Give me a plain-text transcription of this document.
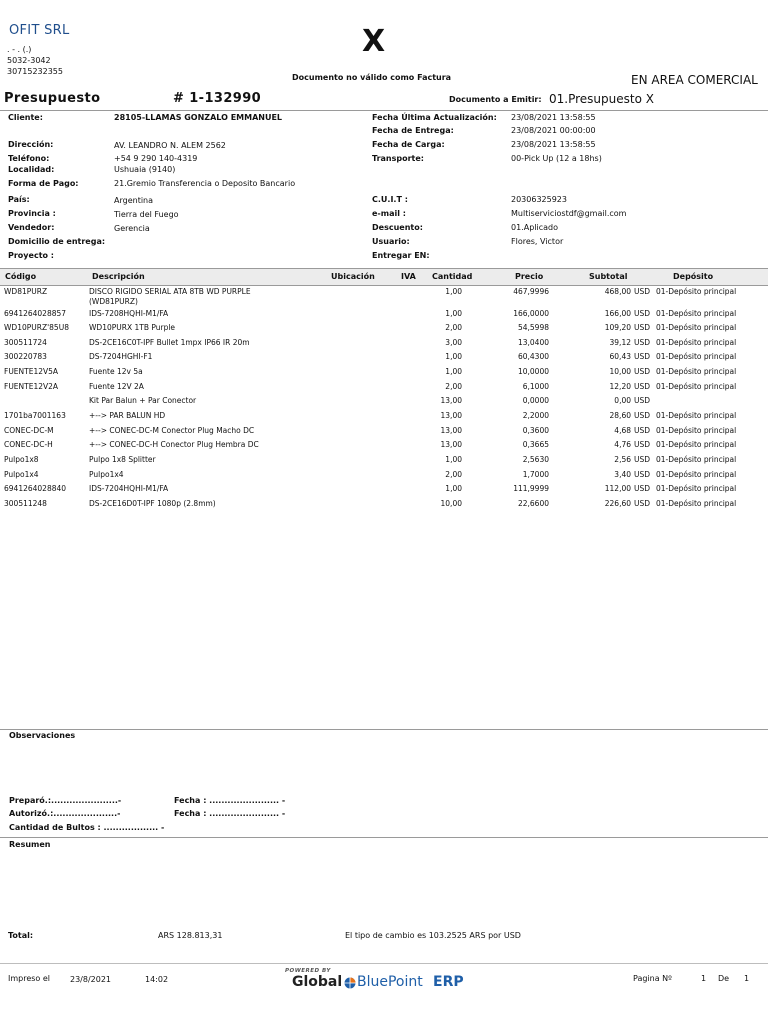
OFIT SRL
. - . (.)
5032-3042
30715232355
X
Documento no válido como Factura	EN AREA COMERCIAL
Presupuesto	# 1-132990	Documento a Emitir: 01.Presupuesto X
Cliente:	28105-LLAMAS GONZALO EMMANUEL
Dirección:	AV. LEANDRO N. ALEM 2562
Teléfono:	+54 9 290 140-4319
Localidad:	Ushuaia (9140)
Forma de Pago:	21.Gremio Transferencia o Deposito Bancario
País:	Argentina
Provincia :	Tierra del Fuego
Vendedor:	Gerencia
Domicilio de entrega:
Proyecto :
Fecha Última Actualización: 23/08/2021 13:58:55
Fecha de Entrega:	23/08/2021 00:00:00
Fecha de Carga:	23/08/2021 13:58:55
Transporte:	00-Pick Up (12 a 18hs)
C.U.I.T :	20306325923
e-mail :	Multiserviciostdf@gmail.com
Descuento:	01.Aplicado
Usuario:	Flores, Victor
Entregar EN:
Código	Descripción	Ubicación	IVA Cantidad	Precio	Subtotal	Depósito
WD81PURZ	DISCO RIGIDO SERIAL ATA 8TB WD PURPLE	1,00	467,9996	468,00 USD 01-Depósito principal
(WD81PURZ)
6941264028857	IDS-7208HQHI-M1/FA	1,00	166,0000	166,00 USD 01-Depósito principal
WD10PURZ'85U8	WD10PURX 1TB Purple	2,00	54,5998	109,20 USD 01-Depósito principal
300511724	DS-2CE16C0T-IPF Bullet 1mpx IP66 IR 20m	3,00	13,0400	39,12 USD 01-Depósito principal
300220783	DS-7204HGHI-F1	1,00	60,4300	60,43 USD 01-Depósito principal
FUENTE12V5A	Fuente 12v 5a	1,00	10,0000	10,00 USD 01-Depósito principal
FUENTE12V2A	Fuente 12V 2A	2,00	6,1000	12,20 USD 01-Depósito principal
Kit Par Balun + Par Conector	13,00	0,0000	0,00 USD
1701ba7001163	+--> PAR BALUN HD	13,00	2,2000	28,60 USD 01-Depósito principal
CONEC-DC-M	+--> CONEC-DC-M Conector Plug Macho DC	13,00	0,3600	4,68 USD 01-Depósito principal
CONEC-DC-H	+--> CONEC-DC-H Conector Plug Hembra DC	13,00	0,3665	4,76 USD 01-Depósito principal
Pulpo1x8	Pulpo 1x8 Splitter	1,00	2,5630	2,56 USD 01-Depósito principal
Pulpo1x4	Pulpo1x4	2,00	1,7000	3,40 USD 01-Depósito principal
6941264028840	IDS-7204HQHI-M1/FA	1,00	111,9999	112,00 USD 01-Depósito principal
300511248	DS-2CE16D0T-IPF 1080p (2.8mm)	10,00	22,6600	226,60 USD 01-Depósito principal
Observaciones
Preparó.:......................-	Fecha : ....................... -
Autorizó.:.....................-	Fecha : ....................... -
Cantidad de Bultos : .................. -
Resumen
Total:	ARS 128.813,31	El tipo de cambio es 103.2525 ARS por USD
Impreso el 23/8/2021	14:02
POWERED BY
Global BluePoint ERP	Pagina Nº	1 De 1
